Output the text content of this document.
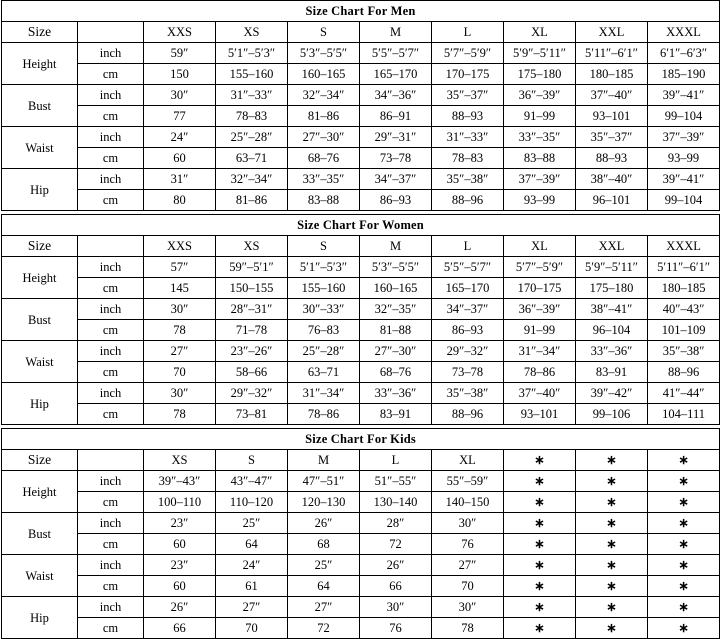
Size Chart For Men									
Size		XXS	XS	S	M	L	XL	XXL	XXXL
Height	inch	59″	5′1″–5′3″	5′3″–5′5″	5′5″–5′7″	5′7″–5′9″	5′9″–5′11″	5′11″–6′1″	6′1″–6′3″
	cm	150	155–160	160–165	165–170	170–175	175–180	180–185	185–190
Bust	inch	30″	31″–33″	32″–34″	34″–36″	35″–37″	36″–39″	37″–40″	39″–41″
	cm	77	78–83	81–86	86–91	88–93	91–99	93–101	99–104
Waist	inch	24″	25″–28″	27″–30″	29″–31″	31″–33″	33″–35″	35″–37″	37″–39″
	cm	60	63–71	68–76	73–78	78–83	83–88	88–93	93–99
Hip	inch	31″	32″–34″	33″–35″	34″–37″	35″–38″	37″–39″	38″–40″	39″–41″
	cm	80	81–86	83–88	86–93	88–96	93–99	96–101	99–104
Size Chart For Women									
Size		XXS	XS	S	M	L	XL	XXL	XXXL
Height	inch	57″	59″–5′1″	5′1″–5′3″	5′3″–5′5″	5′5″–5′7″	5′7″–5′9″	5′9″–5′11″	5′11″–6′1″
	cm	145	150–155	155–160	160–165	165–170	170–175	175–180	180–185
Bust	inch	30″	28″–31″	30″–33″	32″–35″	34″–37″	36″–39″	38″–41″	40″–43″
	cm	78	71–78	76–83	81–88	86–93	91–99	96–104	101–109
Waist	inch	27″	23″–26″	25″–28″	27″–30″	29″–32″	31″–34″	33″–36″	35″–38″
	cm	70	58–66	63–71	68–76	73–78	78–86	83–91	88–96
Hip	inch	30″	29″–32″	31″–34″	33″–36″	35″–38″	37″–40″	39″–42″	41″–44″
	cm	78	73–81	78–86	83–91	88–96	93–101	99–106	104–111
Size Chart For Kids									
Size		XS	S	M	L	XL	∗	∗	∗
Height	inch	39″–43″	43″–47″	47″–51″	51″–55″	55″–59″	∗	∗	∗
	cm	100–110	110–120	120–130	130–140	140–150	∗	∗	∗
Bust	inch	23″	25″	26″	28″	30″	∗	∗	∗
	cm	60	64	68	72	76	∗	∗	∗
Waist	inch	23″	24″	25″	26″	27″	∗	∗	∗
	cm	60	61	64	66	70	∗	∗	∗
Hip	inch	26″	27″	27″	30″	30″	∗	∗	∗
	cm	66	70	72	76	78	∗	∗	∗
